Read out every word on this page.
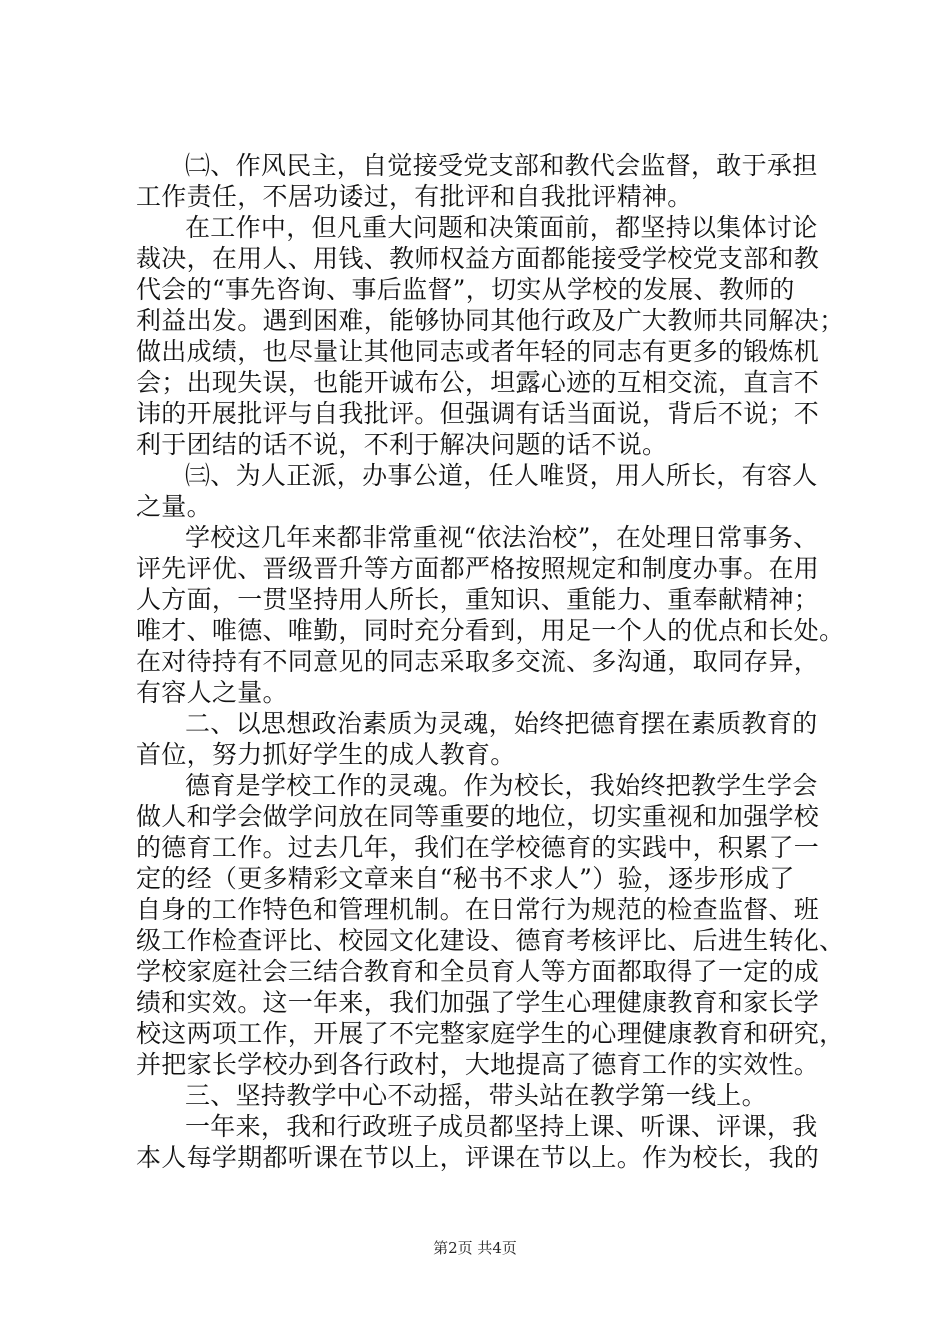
㈡、作风民主，自觉接受党支部和教代会监督，敢于承担
工作责任，不居功诿过，有批评和自我批评精神。
在工作中，但凡重大问题和决策面前，都坚持以集体讨论
裁决，在用人、用钱、教师权益方面都能接受学校党支部和教
代会的“事先咨询、事后监督”，切实从学校的发展、教师的
利益出发。遇到困难，能够协同其他行政及广大教师共同解决；
做出成绩，也尽量让其他同志或者年轻的同志有更多的锻炼机
会；出现失误，也能开诚布公，坦露心迹的互相交流，直言不
讳的开展批评与自我批评。但强调有话当面说，背后不说；不
利于团结的话不说，不利于解决问题的话不说。
㈢、为人正派，办事公道，任人唯贤，用人所长，有容人
之量。
学校这几年来都非常重视“依法治校”，在处理日常事务、
评先评优、晋级晋升等方面都严格按照规定和制度办事。在用
人方面，一贯坚持用人所长，重知识、重能力、重奉献精神；
唯才、唯德、唯勤，同时充分看到，用足一个人的优点和长处。
在对待持有不同意见的同志采取多交流、多沟通，取同存异，
有容人之量。
二、以思想政治素质为灵魂，始终把德育摆在素质教育的
首位，努力抓好学生的成人教育。
德育是学校工作的灵魂。作为校长，我始终把教学生学会
做人和学会做学问放在同等重要的地位，切实重视和加强学校
的德育工作。过去几年，我们在学校德育的实践中，积累了一
定的经（更多精彩文章来自“秘书不求人”）验，逐步形成了
自身的工作特色和管理机制。在日常行为规范的检查监督、班
级工作检查评比、校园文化建设、德育考核评比、后进生转化、
学校家庭社会三结合教育和全员育人等方面都取得了一定的成
绩和实效。这一年来，我们加强了学生心理健康教育和家长学
校这两项工作，开展了不完整家庭学生的心理健康教育和研究，
并把家长学校办到各行政村，大地提高了德育工作的实效性。
三、坚持教学中心不动摇，带头站在教学第一线上。
一年来，我和行政班子成员都坚持上课、听课、评课，我
本人每学期都听课在节以上，评课在节以上。作为校长，我的
第2页 共4页
